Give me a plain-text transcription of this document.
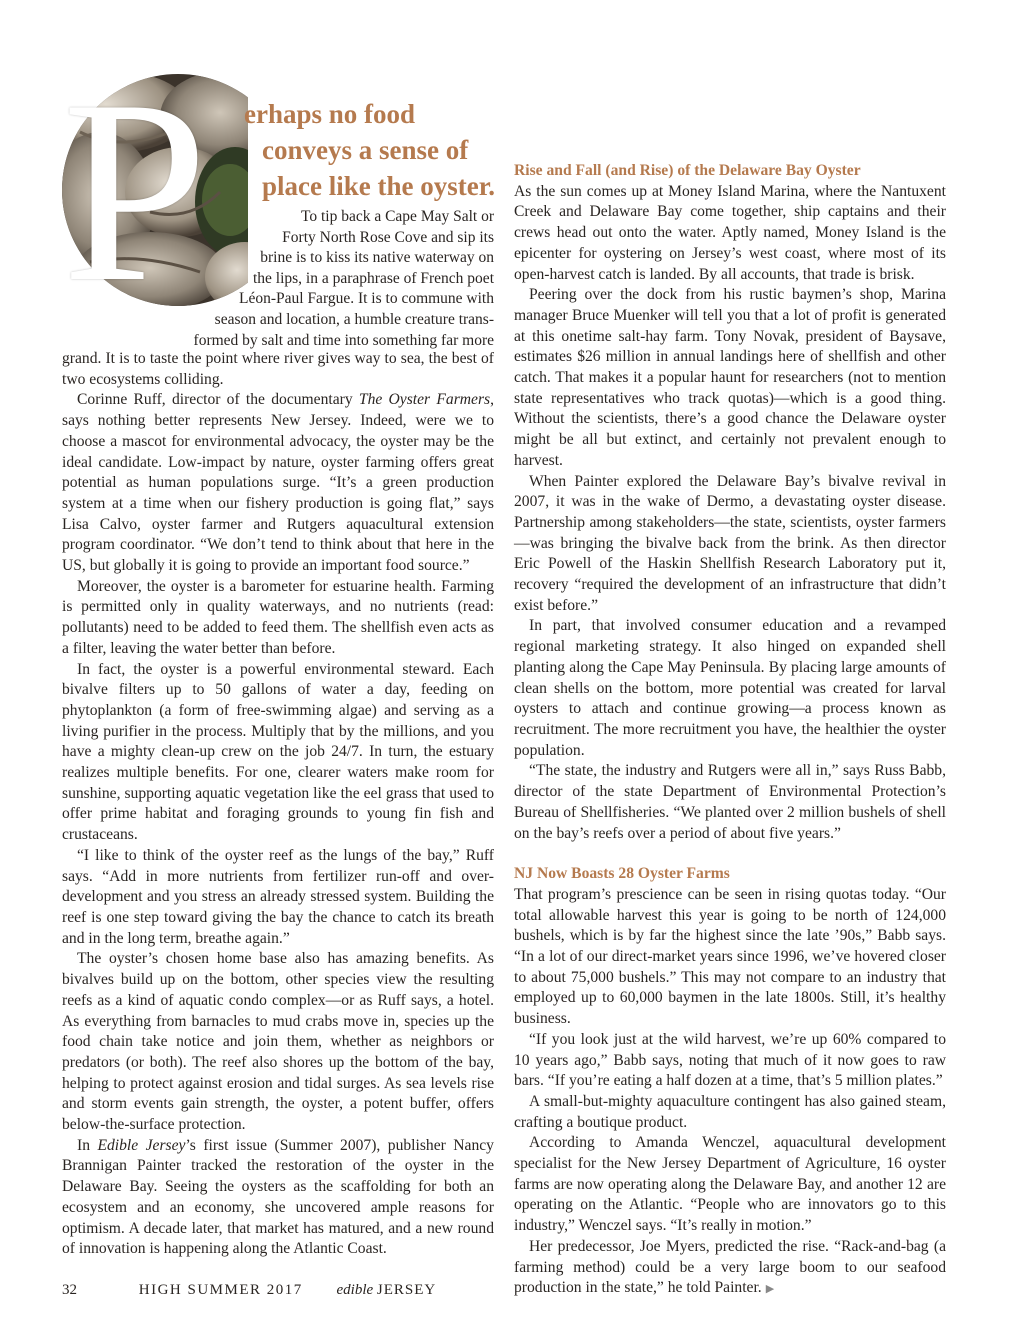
P erhaps no food
conveys a sense of
place like the oyster.
To tip back a Cape May Salt or
Forty North Rose Cove and sip its
brine is to kiss its native waterway on
the lips, in a paraphrase of French poet
Léon-Paul Fargue. It is to commune with
season and location, a humble creature trans-
formed by salt and time into something far more

grand. It is to taste the point where river gives way to sea, the best of two ecosystems colliding.

Corinne Ruff, director of the documentary The Oyster Farmers, says nothing better represents New Jersey. Indeed, were we to choose a mascot for environmental advocacy, the oyster may be the ideal candidate. Low-impact by nature, oyster farming offers great potential as human populations surge. “It’s a green production system at a time when our fishery production is going flat,” says Lisa Calvo, oyster farmer and Rutgers aquacultural extension program coordinator. “We don’t tend to think about that here in the US, but globally it is going to provide an important food source.”

Moreover, the oyster is a barometer for estuarine health. Farming is permitted only in quality waterways, and no nutrients (read: pollutants) need to be added to feed them. The shellfish even acts as a filter, leaving the water better than before.

In fact, the oyster is a powerful environmental steward. Each bivalve filters up to 50 gallons of water a day, feeding on phytoplankton (a form of free-swimming algae) and serving as a living purifier in the process. Multiply that by the millions, and you have a mighty clean-up crew on the job 24/7. In turn, the estuary realizes multiple benefits. For one, clearer waters make room for sunshine, supporting aquatic vegetation like the eel grass that used to offer prime habitat and foraging grounds to young fin fish and crustaceans.

“I like to think of the oyster reef as the lungs of the bay,” Ruff says. “Add in more nutrients from fertilizer run-off and over-development and you stress an already stressed system. Building the reef is one step toward giving the bay the chance to catch its breath and in the long term, breathe again.”

The oyster’s chosen home base also has amazing benefits. As bivalves build up on the bottom, other species view the resulting reefs as a kind of aquatic condo complex—or as Ruff says, a hotel. As everything from barnacles to mud crabs move in, species up the food chain take notice and join them, whether as neighbors or predators (or both). The reef also shores up the bottom of the bay, helping to protect against erosion and tidal surges. As sea levels rise and storm events gain strength, the oyster, a potent buffer, offers below-the-surface protection.

In Edible Jersey’s first issue (Summer 2007), publisher Nancy Brannigan Painter tracked the restoration of the oyster in the Delaware Bay. Seeing the oysters as the scaffolding for both an ecosystem and an economy, she uncovered ample reasons for optimism. A decade later, that market has matured, and a new round of innovation is happening along the Atlantic Coast.

Rise and Fall (and Rise) of the Delaware Bay Oyster

As the sun comes up at Money Island Marina, where the Nantuxent Creek and Delaware Bay come together, ship captains and their crews head out onto the water. Aptly named, Money Island is the epicenter for oystering on Jersey’s west coast, where most of its open-harvest catch is landed. By all accounts, that trade is brisk.

Peering over the dock from his rustic baymen’s shop, Marina manager Bruce Muenker will tell you that a lot of profit is generated at this onetime salt-hay farm. Tony Novak, president of Baysave, estimates $26 million in annual landings here of shellfish and other catch. That makes it a popular haunt for researchers (not to mention state representatives who track quotas)—which is a good thing. Without the scientists, there’s a good chance the Delaware oyster might be all but extinct, and certainly not prevalent enough to harvest.

When Painter explored the Delaware Bay’s bivalve revival in 2007, it was in the wake of Dermo, a devastating oyster disease. Partnership among stakeholders—the state, scientists, oyster farmers—was bringing the bivalve back from the brink. As then director Eric Powell of the Haskin Shellfish Research Laboratory put it, recovery “required the development of an infrastructure that didn’t exist before.”

In part, that involved consumer education and a revamped regional marketing strategy. It also hinged on expanded shell planting along the Cape May Peninsula. By placing large amounts of clean shells on the bottom, more potential was created for larval oysters to attach and continue growing—a process known as recruitment. The more recruitment you have, the healthier the oyster population.

“The state, the industry and Rutgers were all in,” says Russ Babb, director of the state Department of Environmental Protection’s Bureau of Shellfisheries. “We planted over 2 million bushels of shell on the bay’s reefs over a period of about five years.”

NJ Now Boasts 28 Oyster Farms

That program’s prescience can be seen in rising quotas today. “Our total allowable harvest this year is going to be north of 124,000 bushels, which is by far the highest since the late ’90s,” Babb says. “In a lot of our direct-market years since 1996, we’ve hovered closer to about 75,000 bushels.” This may not compare to an industry that employed up to 60,000 baymen in the late 1800s. Still, it’s healthy business.

“If you look just at the wild harvest, we’re up 60% compared to 10 years ago,” Babb says, noting that much of it now goes to raw bars. “If you’re eating a half dozen at a time, that’s 5 million plates.”

A small-but-mighty aquaculture contingent has also gained steam, crafting a boutique product.

According to Amanda Wenczel, aquacultural development specialist for the New Jersey Department of Agriculture, 16 oyster farms are now operating along the Delaware Bay, and another 12 are operating on the Atlantic. “People who are innovators go to this industry,” Wenczel says. “It’s really in motion.”

Her predecessor, Joe Myers, predicted the rise. “Rack-and-bag (a farming method) could be a very large boom to our seafood production in the state,” he told Painter. ▶

32	HIGH SUMMER 2017 edible JERSEY
